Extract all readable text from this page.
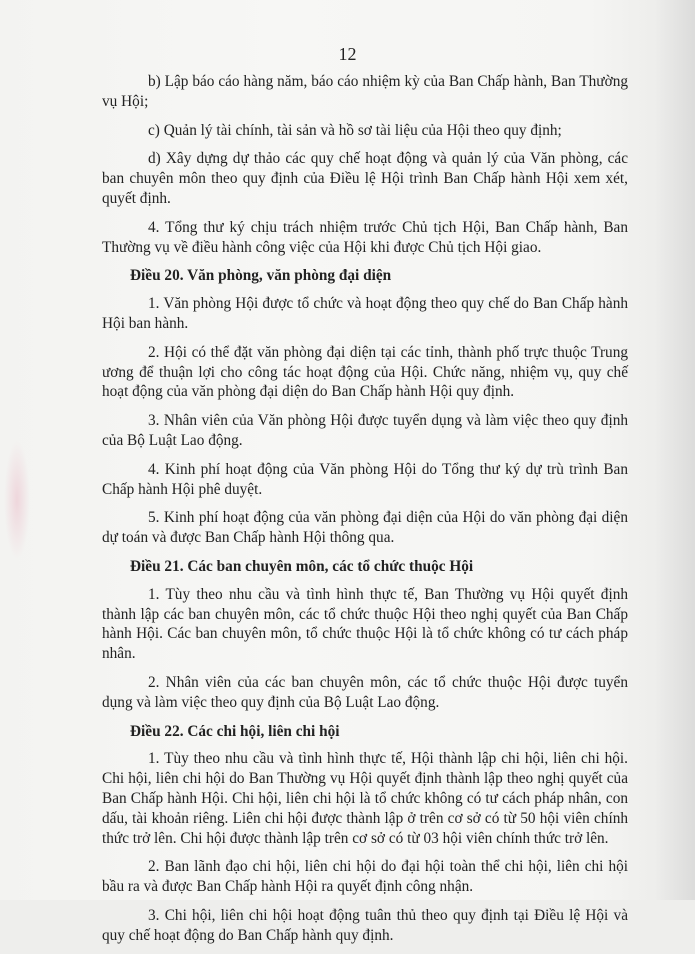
12

b) Lập báo cáo hàng năm, báo cáo nhiệm kỳ của Ban Chấp hành, Ban Thường vụ Hội;

c) Quản lý tài chính, tài sản và hồ sơ tài liệu của Hội theo quy định;

d) Xây dựng dự thảo các quy chế hoạt động và quản lý của Văn phòng, các ban chuyên môn theo quy định của Điều lệ Hội trình Ban Chấp hành Hội xem xét, quyết định.

4. Tổng thư ký chịu trách nhiệm trước Chủ tịch Hội, Ban Chấp hành, Ban Thường vụ về điều hành công việc của Hội khi được Chủ tịch Hội giao.

Điều 20. Văn phòng, văn phòng đại diện

1. Văn phòng Hội được tổ chức và hoạt động theo quy chế do Ban Chấp hành Hội ban hành.

2. Hội có thể đặt văn phòng đại diện tại các tỉnh, thành phố trực thuộc Trung ương để thuận lợi cho công tác hoạt động của Hội. Chức năng, nhiệm vụ, quy chế hoạt động của văn phòng đại diện do Ban Chấp hành Hội quy định.

3. Nhân viên của Văn phòng Hội được tuyển dụng và làm việc theo quy định của Bộ Luật Lao động.

4. Kinh phí hoạt động của Văn phòng Hội do Tổng thư ký dự trù trình Ban Chấp hành Hội phê duyệt.

5. Kinh phí hoạt động của văn phòng đại diện của Hội do văn phòng đại diện dự toán và được Ban Chấp hành Hội thông qua.

Điều 21. Các ban chuyên môn, các tổ chức thuộc Hội

1. Tùy theo nhu cầu và tình hình thực tế, Ban Thường vụ Hội quyết định thành lập các ban chuyên môn, các tổ chức thuộc Hội theo nghị quyết của Ban Chấp hành Hội. Các ban chuyên môn, tổ chức thuộc Hội là tổ chức không có tư cách pháp nhân.

2. Nhân viên của các ban chuyên môn, các tổ chức thuộc Hội được tuyển dụng và làm việc theo quy định của Bộ Luật Lao động.

Điều 22. Các chi hội, liên chi hội

1. Tùy theo nhu cầu và tình hình thực tế, Hội thành lập chi hội, liên chi hội. Chi hội, liên chi hội do Ban Thường vụ Hội quyết định thành lập theo nghị quyết của Ban Chấp hành Hội. Chi hội, liên chi hội là tổ chức không có tư cách pháp nhân, con dấu, tài khoản riêng. Liên chi hội được thành lập ở trên cơ sở có từ 50 hội viên chính thức trở lên. Chi hội được thành lập trên cơ sở có từ 03 hội viên chính thức trở lên.

2. Ban lãnh đạo chi hội, liên chi hội do đại hội toàn thể chi hội, liên chi hội bầu ra và được Ban Chấp hành Hội ra quyết định công nhận.

3. Chi hội, liên chi hội hoạt động tuân thủ theo quy định tại Điều lệ Hội và quy chế hoạt động do Ban Chấp hành quy định.
